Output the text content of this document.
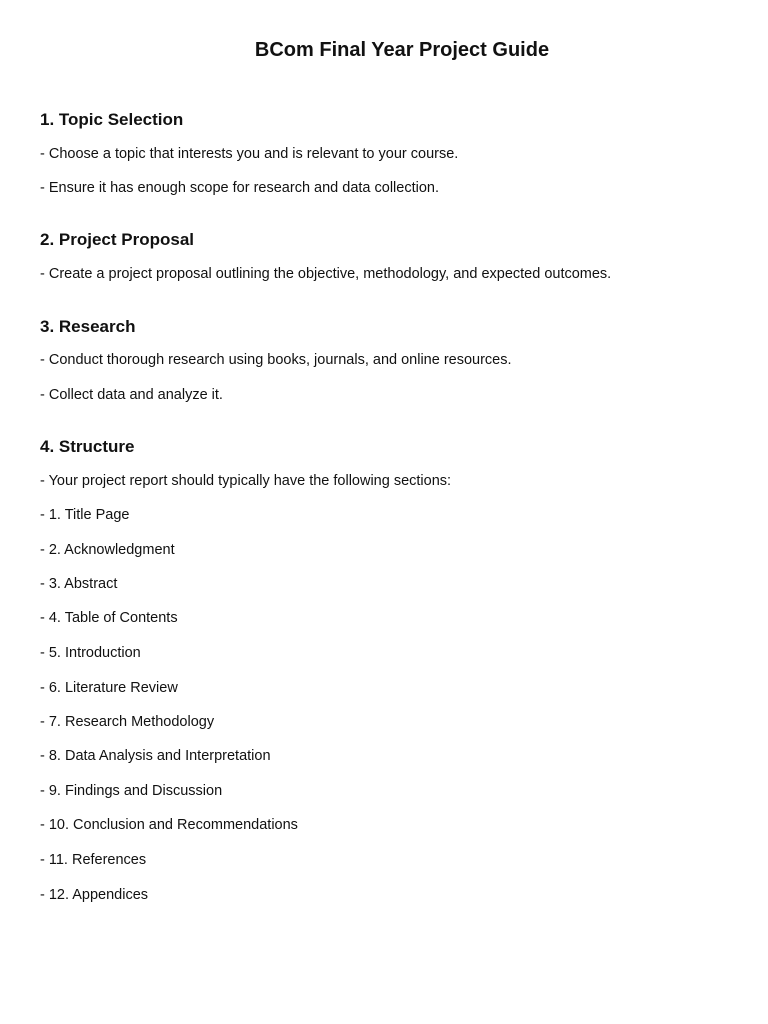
BCom Final Year Project Guide
1. Topic Selection

- Choose a topic that interests you and is relevant to your course.

- Ensure it has enough scope for research and data collection.

2. Project Proposal

- Create a project proposal outlining the objective, methodology, and expected outcomes.

3. Research

- Conduct thorough research using books, journals, and online resources.

- Collect data and analyze it.

4. Structure

- Your project report should typically have the following sections:

- 1. Title Page

- 2. Acknowledgment

- 3. Abstract

- 4. Table of Contents

- 5. Introduction

- 6. Literature Review

- 7. Research Methodology

- 8. Data Analysis and Interpretation

- 9. Findings and Discussion

- 10. Conclusion and Recommendations

- 11. References

- 12. Appendices
